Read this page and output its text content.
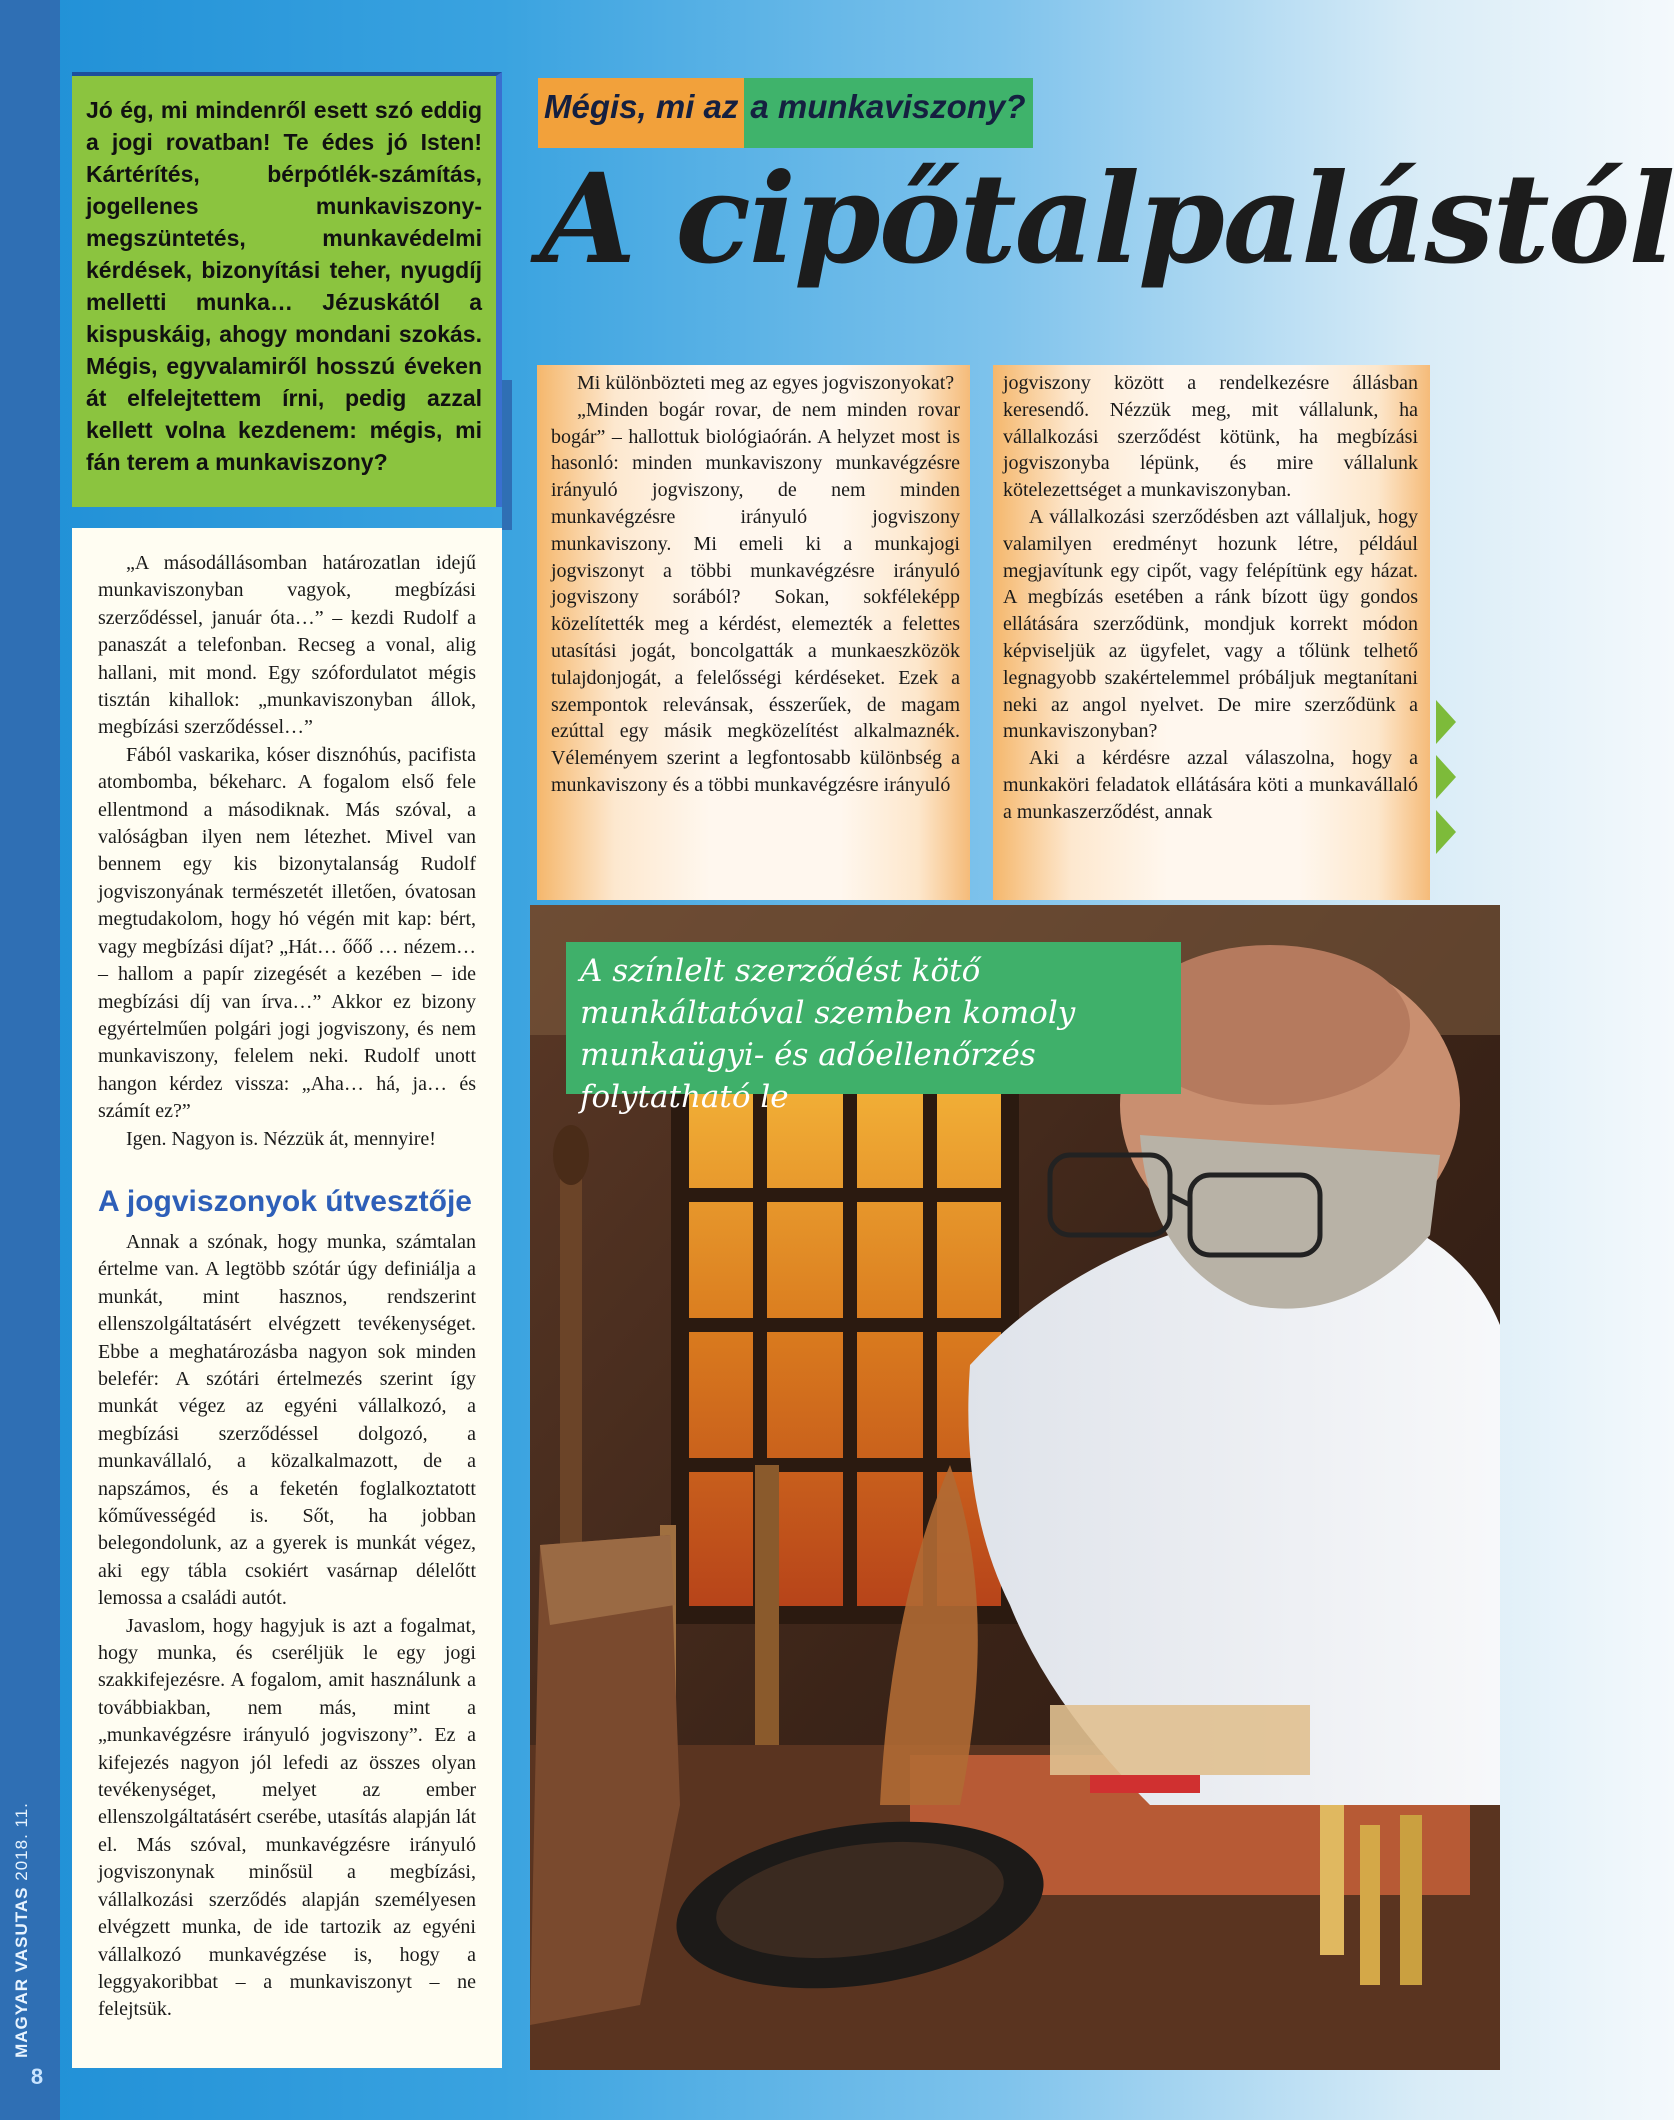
MAGYAR VASUTAS 2018. 11.
8

Jó ég, mi mindenről esett szó eddig a jogi rovatban! Te édes jó Isten! Kártérítés, bérpótlék-számítás, jogellenes munkaviszony-megszüntetés, munkavédelmi kérdések, bizonyítási teher, nyugdíj melletti munka… Jézuskától a kispuskáig, ahogy mondani szokás. Mégis, egyvalamiről hosszú éveken át elfelejtettem írni, pedig azzal kellett volna kezdenem: mégis, mi fán terem a munkaviszony?

„A másodállásomban határozatlan idejű munkaviszonyban vagyok, megbízási szerződéssel, január óta…” – kezdi Rudolf a panaszát a telefonban. Recseg a vonal, alig hallani, mit mond. Egy szófordulatot mégis tisztán kihallok: „munkaviszonyban állok, megbízási szerződéssel…”

Fából vaskarika, kóser disznóhús, pacifista atombomba, békeharc. A fogalom első fele ellentmond a másodiknak. Más szóval, a valóságban ilyen nem létezhet. Mivel van bennem egy kis bizonytalanság Rudolf jogviszonyának természetét illetően, óvatosan megtudakolom, hogy hó végén mit kap: bért, vagy megbízási díjat? „Hát… őőő … nézem… – hallom a papír zizegését a kezében – ide megbízási díj van írva…” Akkor ez bizony egyértelműen polgári jogi jogviszony, és nem munkaviszony, felelem neki. Rudolf unott hangon kérdez vissza: „Aha… há, ja… és számít ez?”

Igen. Nagyon is. Nézzük át, mennyire!

A jogviszonyok útvesztője

Annak a szónak, hogy munka, számtalan értelme van. A legtöbb szótár úgy definiálja a munkát, mint hasznos, rendszerint ellenszolgáltatásért elvégzett tevékenységet. Ebbe a meghatározásba nagyon sok minden belefér: A szótári értelmezés szerint így munkát végez az egyéni vállalkozó, a megbízási szerződéssel dolgozó, a munkavállaló, a közalkalmazott, de a napszámos, és a feketén foglalkoztatott kőművességéd is. Sőt, ha jobban belegondolunk, az a gyerek is munkát végez, aki egy tábla csokiért vasárnap délelőtt lemossa a családi autót.

Javaslom, hogy hagyjuk is azt a fogalmat, hogy munka, és cseréljük le egy jogi szakkifejezésre. A fogalom, amit használunk a továbbiakban, nem más, mint a „munkavégzésre irányuló jogviszony”. Ez a kifejezés nagyon jól lefedi az összes olyan tevékenységet, melyet az ember ellenszolgáltatásért cserébe, utasítás alapján lát el. Más szóval, munkavégzésre irányuló jogviszonynak minősül a megbízási, vállalkozási szerződés alapján személyesen elvégzett munka, de ide tartozik az egyéni vállalkozó munkavégzése is, hogy a leggyakoribbat – a munkaviszonyt – ne felejtsük.

Mégis, mi az a munkaviszony?
A cipőtalpalástól

Mi különbözteti meg az egyes jogviszonyokat?

„Minden bogár rovar, de nem minden rovar bogár” – hallottuk biológiaórán. A helyzet most is hasonló: minden munkaviszony munkavégzésre irányuló jogviszony, de nem minden munkavégzésre irányuló jogviszony munkaviszony. Mi emeli ki a munkajogi jogviszonyt a többi munkavégzésre irányuló jogviszony sorából? Sokan, sokféleképp közelítették meg a kérdést, elemezték a felettes utasítási jogát, boncolgatták a munkaeszközök tulajdonjogát, a felelősségi kérdéseket. Ezek a szempontok relevánsak, ésszerűek, de magam ezúttal egy másik megközelítést alkalmaznék. Véleményem szerint a legfontosabb különbség a munkaviszony és a többi munkavégzésre irányuló

jogviszony között a rendelkezésre állásban keresendő. Nézzük meg, mit vállalunk, ha vállalkozási szerződést kötünk, ha megbízási jogviszonyba lépünk, és mire vállalunk kötelezettséget a munkaviszonyban.

A vállalkozási szerződésben azt vállaljuk, hogy valamilyen eredményt hozunk létre, például megjavítunk egy cipőt, vagy felépítünk egy házat. A megbízás esetében a ránk bízott ügy gondos ellátására szerződünk, mondjuk korrekt módon képviseljük az ügyfelet, vagy a tőlünk telhető legnagyobb szakértelemmel próbáljuk megtanítani neki az angol nyelvet. De mire szerződünk a munkaviszonyban?

Aki a kérdésre azzal válaszolna, hogy a munkaköri feladatok ellátására köti a munkavállaló a munkaszerződést, annak

A színlelt szerződést kötő munkáltatóval szemben komoly munkaügyi- és adóellenőrzés folytatható le
